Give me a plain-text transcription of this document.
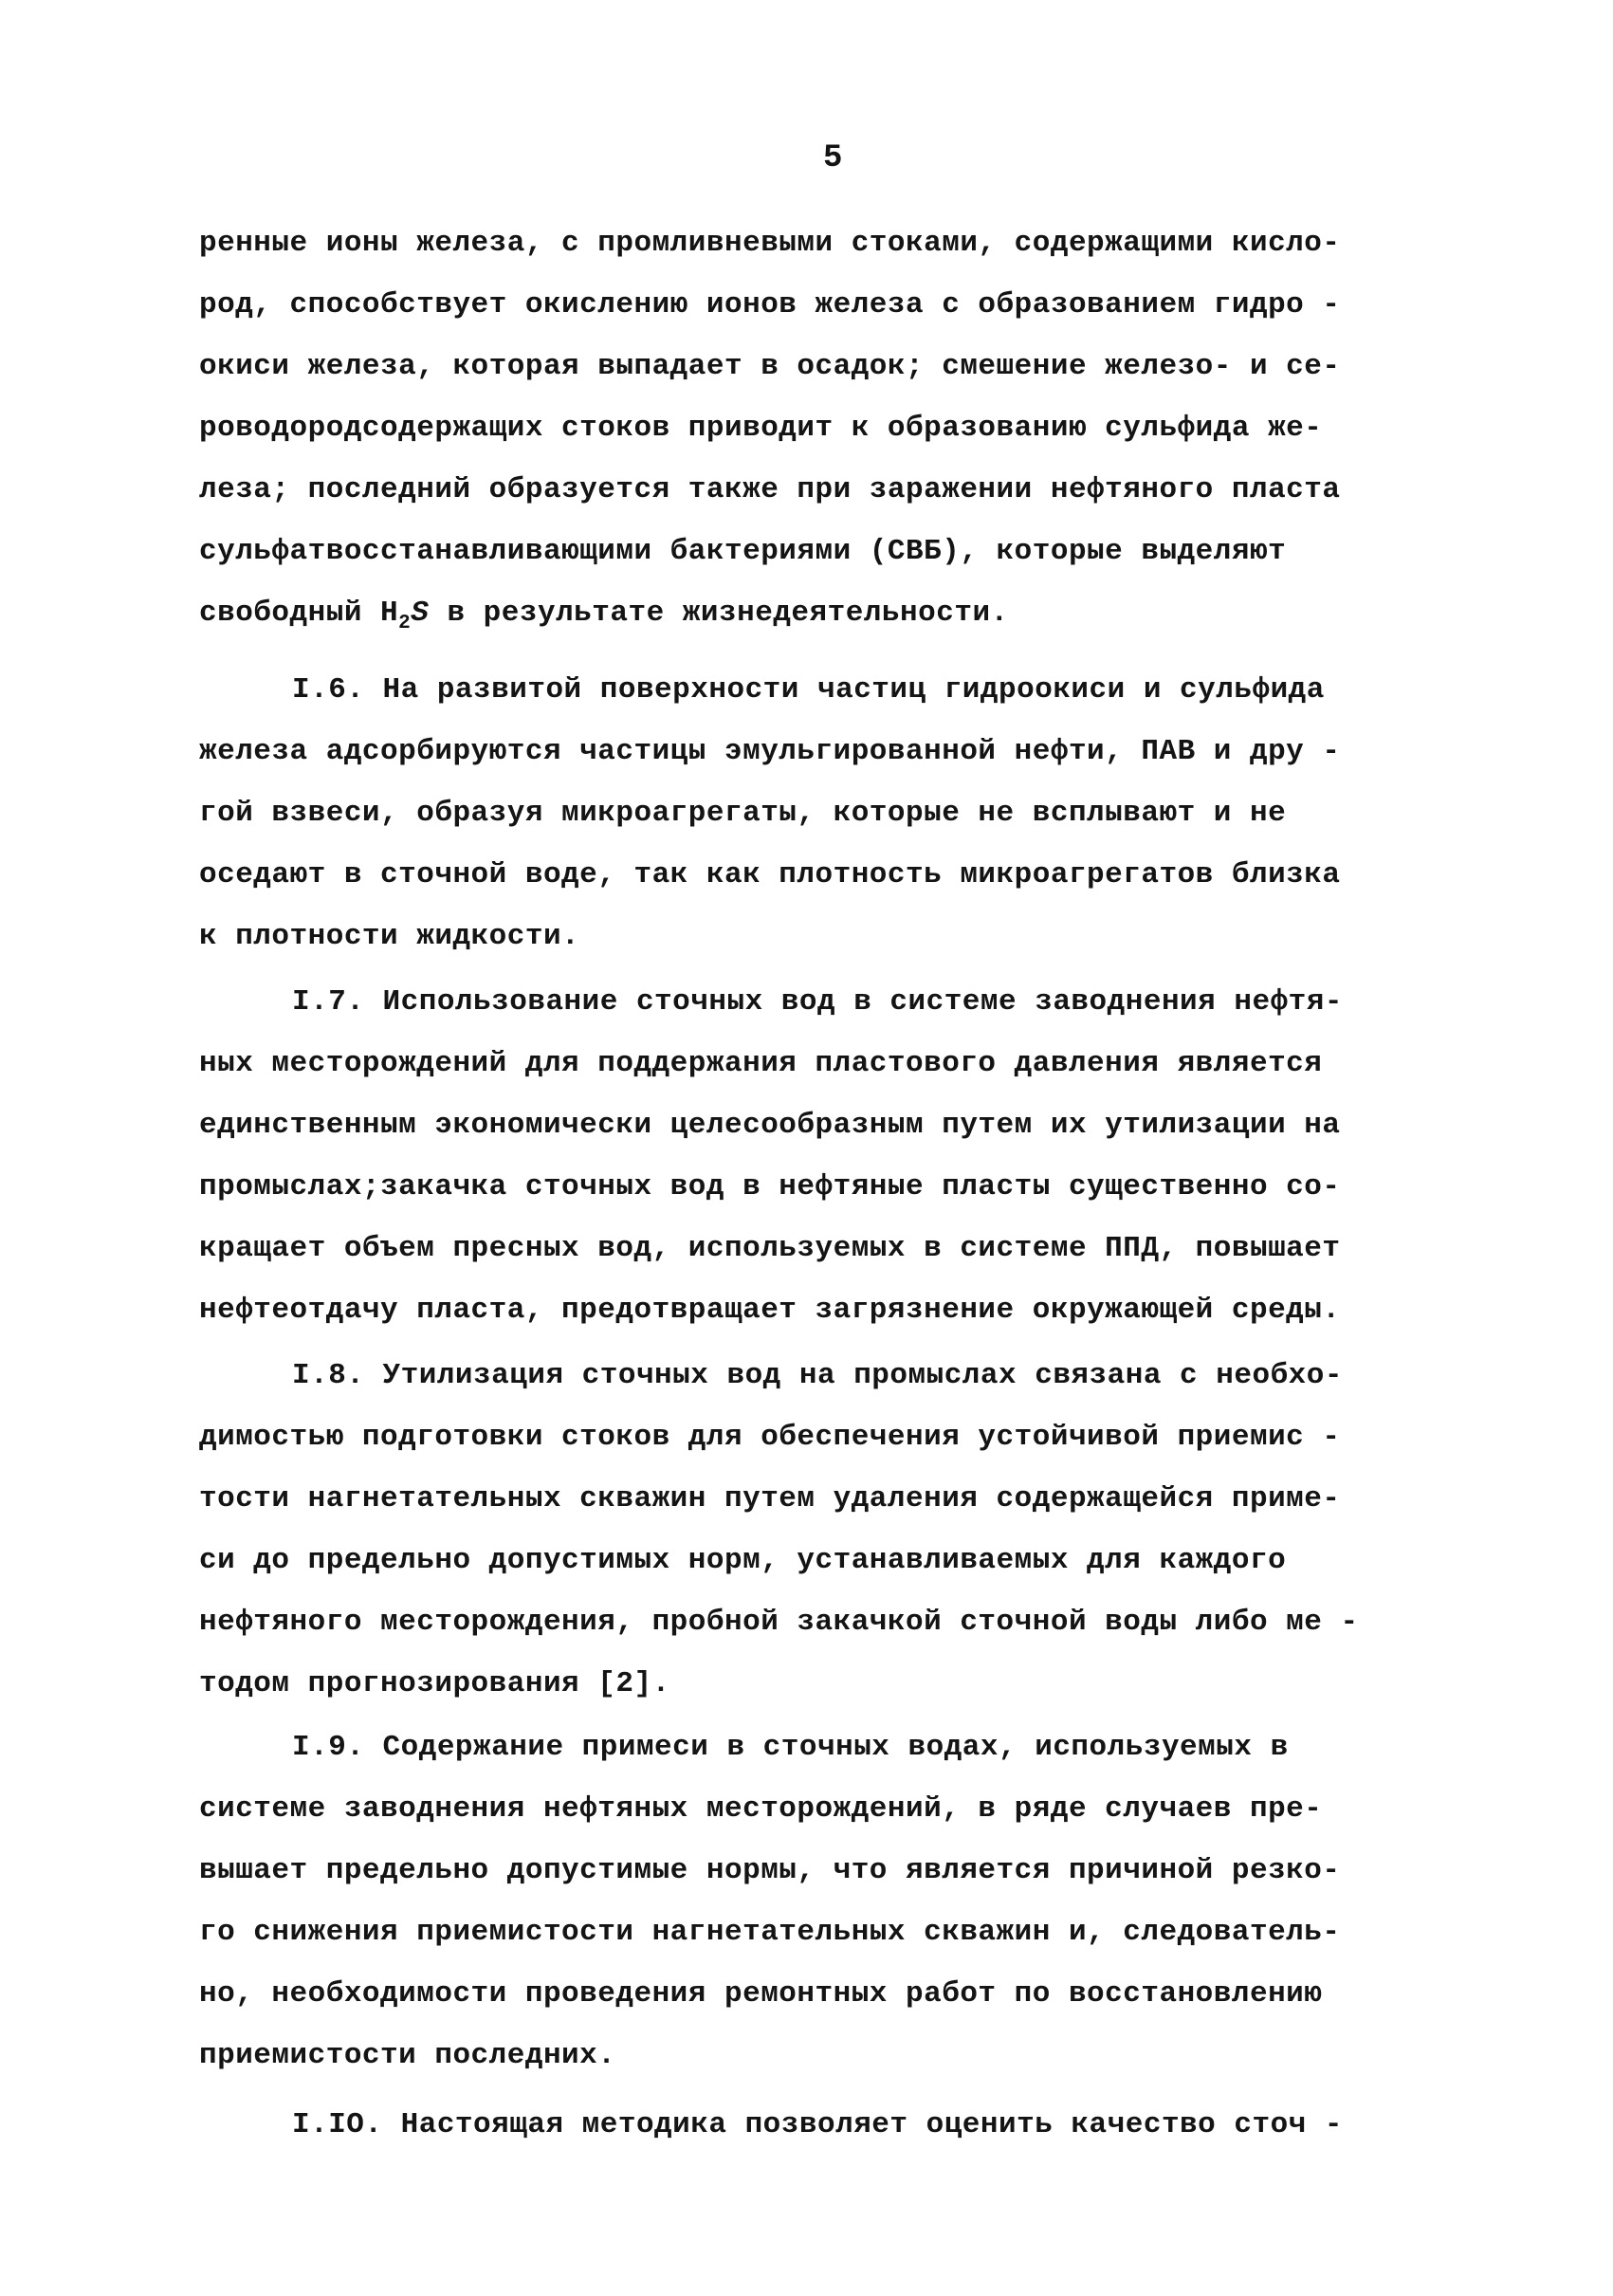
5
ренные ионы железа, с промливневыми стоками, содержащими кисло-
род, способствует окислению ионов железа с образованием гидро -
окиси железа, которая выпадает в осадок; смешение железо- и се-
роводородсодержащих стоков приводит к образованию сульфида же-
леза; последний образуется также при заражении нефтяного пласта
сульфатвосстанавливающими бактериями (СВБ), которые выделяют
свободный $H_2S$ в результате жизнедеятельности.
I.6. На развитой поверхности частиц гидроокиси и сульфида
железа адсорбируются частицы эмульгированной нефти, ПАВ и дру -
гой взвеси, образуя микроагрегаты, которые не всплывают и не
оседают в сточной воде, так как плотность микроагрегатов близка
к плотности жидкости.
I.7. Использование сточных вод в системе заводнения нефтя-
ных месторождений для поддержания пластового давления является
единственным экономически целесообразным путем их утилизации на
промыслах;закачка сточных вод в нефтяные пласты существенно со-
кращает объем пресных вод, используемых в системе ППД, повышает
нефтеотдачу пласта, предотвращает загрязнение окружающей среды.
I.8. Утилизация сточных вод на промыслах связана с необхо-
димостью подготовки стоков для обеспечения устойчивой приемис -
тости нагнетательных скважин путем удаления содержащейся приме-
си до предельно допустимых норм, устанавливаемых для каждого
нефтяного месторождения, пробной закачкой сточной воды либо ме -
тодом прогнозирования [2].
I.9. Содержание примеси в сточных водах, используемых в
системе заводнения нефтяных месторождений, в ряде случаев пре-
вышает предельно допустимые нормы, что является причиной резко-
го снижения приемистости нагнетательных скважин и, следователь-
но, необходимости проведения ремонтных работ по восстановлению
приемистости последних.
I.IO. Настоящая методика позволяет оценить качество сточ -
